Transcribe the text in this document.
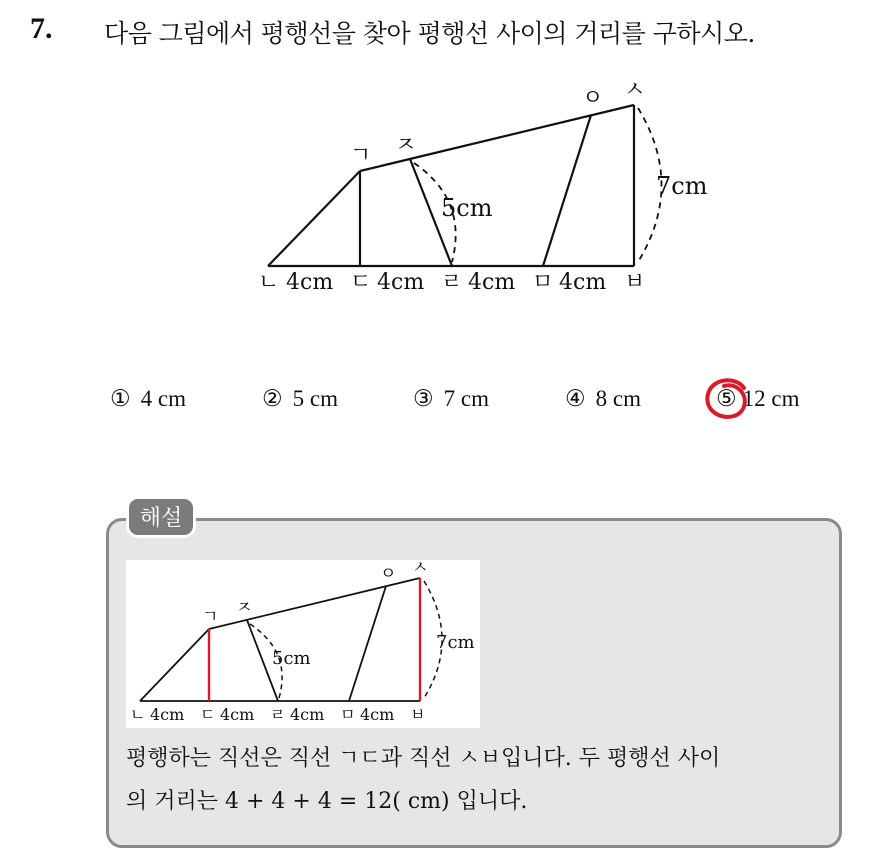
7. 다음 그림에서 평행선을 찾아 평행선 사이의 거리를 구하시오.
ㄱ ㅈ
ㅇ ㅅ
5cm
7cm
ㄴ 4cm ㄷ 4cm ㄹ 4cm ㅁ 4cm ㅂ
① 4 cm	② 5 cm	③ 7 cm	④ 8 cm	⑤ 12 cm
해설
ㄱ ㅈ
ㅇ ㅅ
5cm
7cm
ㄴ 4cm ㄷ 4cm ㄹ 4cm ㅁ 4cm ㅂ
평행하는 직선은 직선 ㄱㄷ과 직선 ㅅㅂ입니다. 두 평행선 사이
의 거리는 4 + 4 + 4 = 12( cm) 입니다.
